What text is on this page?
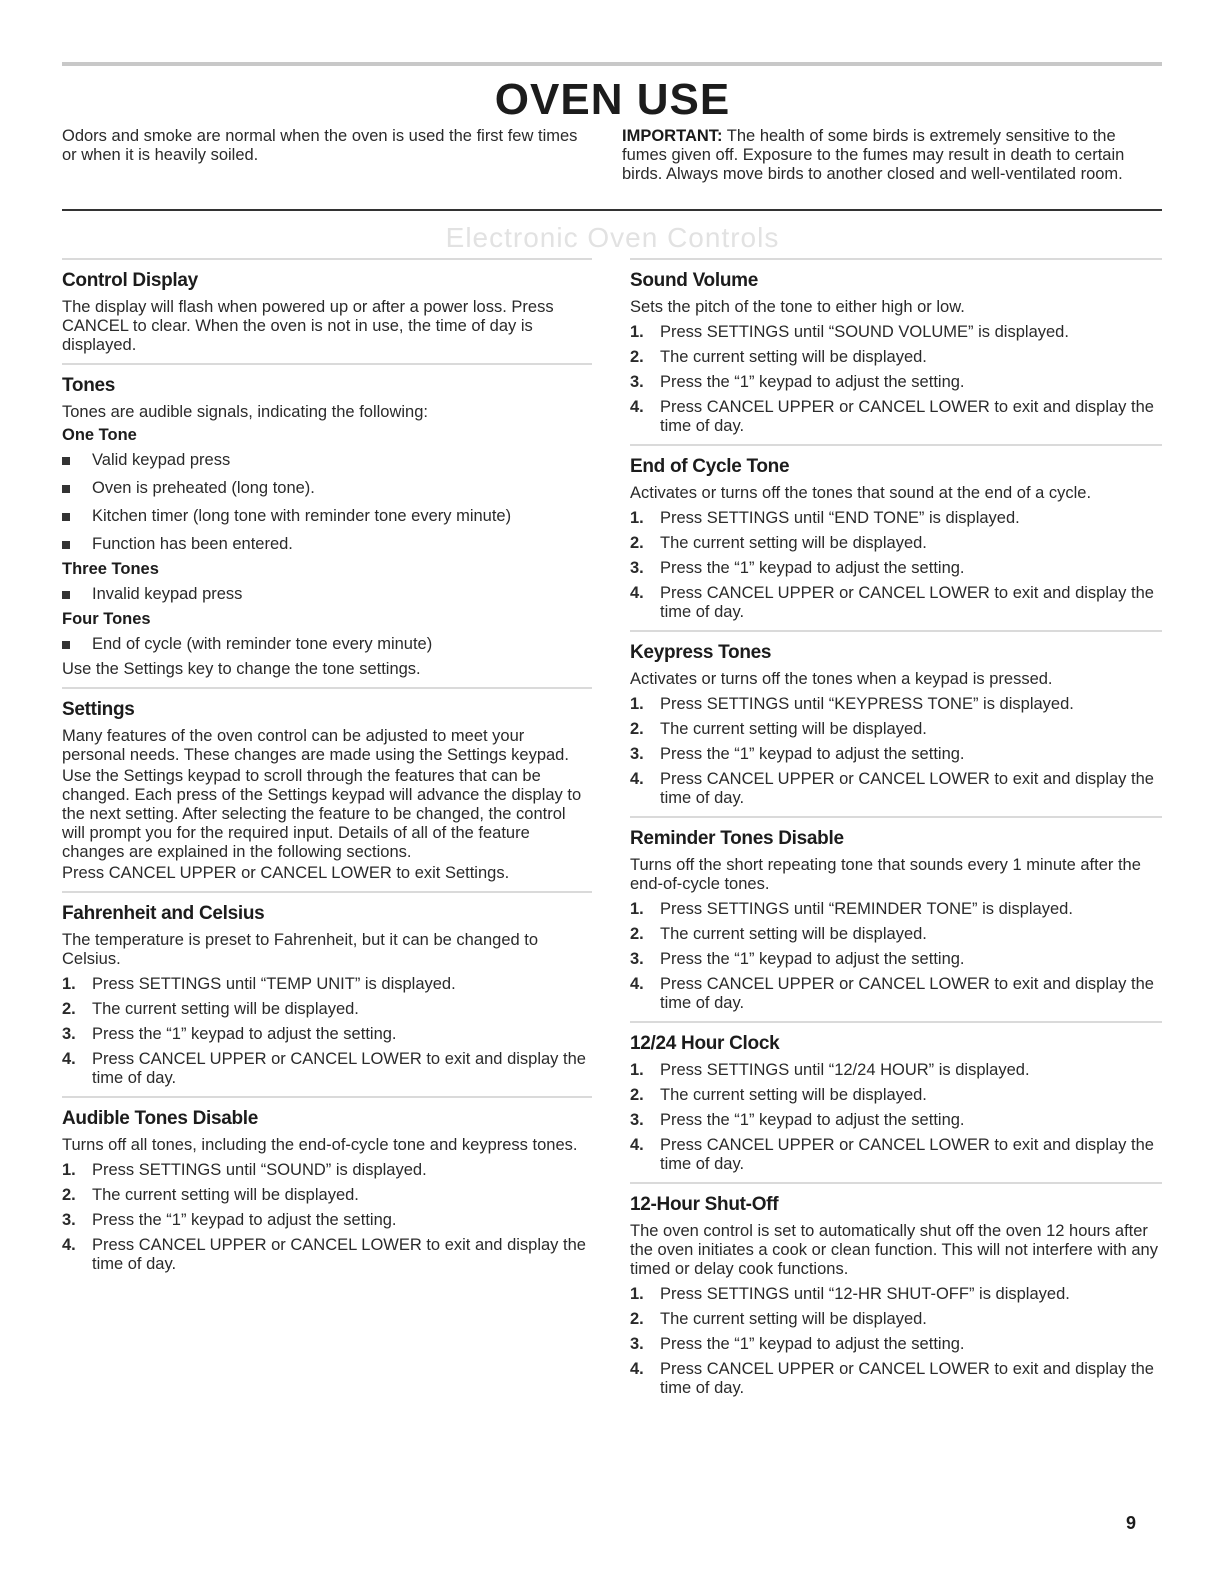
OVEN USE

Odors and smoke are normal when the oven is used the first few times or when it is heavily soiled.

IMPORTANT: The health of some birds is extremely sensitive to the fumes given off. Exposure to the fumes may result in death to certain birds. Always move birds to another closed and well-ventilated room.

Electronic Oven Controls
Control Display

The display will flash when powered up or after a power loss. Press CANCEL to clear. When the oven is not in use, the time of day is displayed.

Tones

Tones are audible signals, indicating the following:

One Tone
Valid keypad press
Oven is preheated (long tone).
Kitchen timer (long tone with reminder tone every minute)
Function has been entered.
Three Tones
Invalid keypad press
Four Tones
End of cycle (with reminder tone every minute)

Use the Settings key to change the tone settings.

Settings

Many features of the oven control can be adjusted to meet your personal needs. These changes are made using the Settings keypad.

Use the Settings keypad to scroll through the features that can be changed. Each press of the Settings keypad will advance the display to the next setting. After selecting the feature to be changed, the control will prompt you for the required input. Details of all of the feature changes are explained in the following sections.

Press CANCEL UPPER or CANCEL LOWER to exit Settings.

Fahrenheit and Celsius

The temperature is preset to Fahrenheit, but it can be changed to Celsius.

1. Press SETTINGS until “TEMP UNIT” is displayed.
2. The current setting will be displayed.
3. Press the “1” keypad to adjust the setting.
4. Press CANCEL UPPER or CANCEL LOWER to exit and display the time of day.
Audible Tones Disable

Turns off all tones, including the end-of-cycle tone and keypress tones.

1. Press SETTINGS until “SOUND” is displayed.
2. The current setting will be displayed.
3. Press the “1” keypad to adjust the setting.
4. Press CANCEL UPPER or CANCEL LOWER to exit and display the time of day.
Sound Volume

Sets the pitch of the tone to either high or low.

1. Press SETTINGS until “SOUND VOLUME” is displayed.
2. The current setting will be displayed.
3. Press the “1” keypad to adjust the setting.
4. Press CANCEL UPPER or CANCEL LOWER to exit and display the time of day.
End of Cycle Tone

Activates or turns off the tones that sound at the end of a cycle.

1. Press SETTINGS until “END TONE” is displayed.
2. The current setting will be displayed.
3. Press the “1” keypad to adjust the setting.
4. Press CANCEL UPPER or CANCEL LOWER to exit and display the time of day.
Keypress Tones

Activates or turns off the tones when a keypad is pressed.

1. Press SETTINGS until “KEYPRESS TONE” is displayed.
2. The current setting will be displayed.
3. Press the “1” keypad to adjust the setting.
4. Press CANCEL UPPER or CANCEL LOWER to exit and display the time of day.
Reminder Tones Disable

Turns off the short repeating tone that sounds every 1 minute after the end-of-cycle tones.

1. Press SETTINGS until “REMINDER TONE” is displayed.
2. The current setting will be displayed.
3. Press the “1” keypad to adjust the setting.
4. Press CANCEL UPPER or CANCEL LOWER to exit and display the time of day.
12/24 Hour Clock
1. Press SETTINGS until “12/24 HOUR” is displayed.
2. The current setting will be displayed.
3. Press the “1” keypad to adjust the setting.
4. Press CANCEL UPPER or CANCEL LOWER to exit and display the time of day.
12-Hour Shut-Off

The oven control is set to automatically shut off the oven 12 hours after the oven initiates a cook or clean function. This will not interfere with any timed or delay cook functions.

1. Press SETTINGS until “12-HR SHUT-OFF” is displayed.
2. The current setting will be displayed.
3. Press the “1” keypad to adjust the setting.
4. Press CANCEL UPPER or CANCEL LOWER to exit and display the time of day.
9
